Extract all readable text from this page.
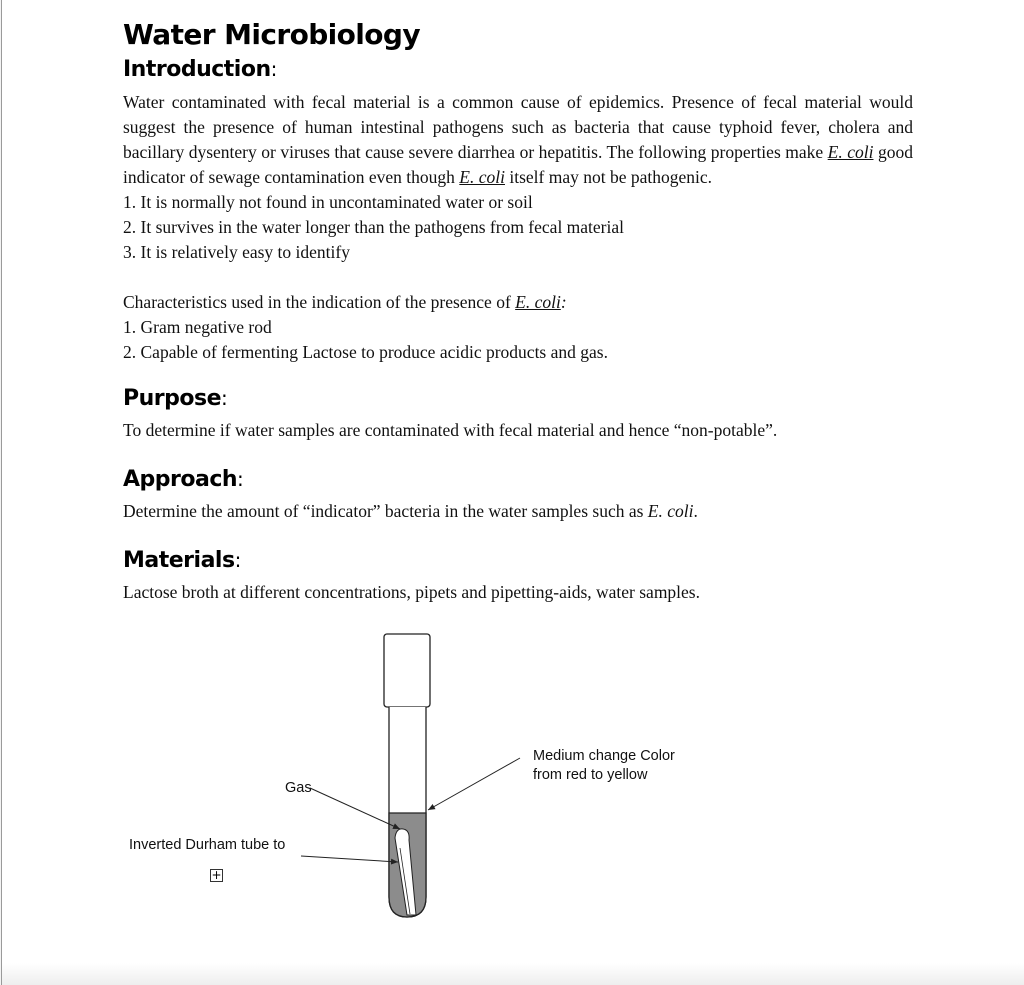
Water Microbiology
Introduction:

Water contaminated with fecal material is a common cause of epidemics. Presence of fecal material would suggest the presence of human intestinal pathogens such as bacteria that cause typhoid fever, cholera and bacillary dysentery or viruses that cause severe diarrhea or hepatitis. The following properties make E. coli good indicator of sewage contamination even though E. coli itself may not be pathogenic.

1. It is normally not found in uncontaminated water or soil
2. It survives in the water longer than the pathogens from fecal material
3. It is relatively easy to identify

Characteristics used in the indication of the presence of E. coli:

1. Gram negative rod
2. Capable of fermenting Lactose to produce acidic products and gas.
Purpose:

To determine if water samples are contaminated with fecal material and hence “non-potable”.

Approach:

Determine the amount of “indicator” bacteria in the water samples such as E. coli.

Materials:

Lactose broth at different concentrations, pipets and pipetting-aids, water samples.

Gas
Inverted Durham tube to
Medium change Color
from red to yellow
+
